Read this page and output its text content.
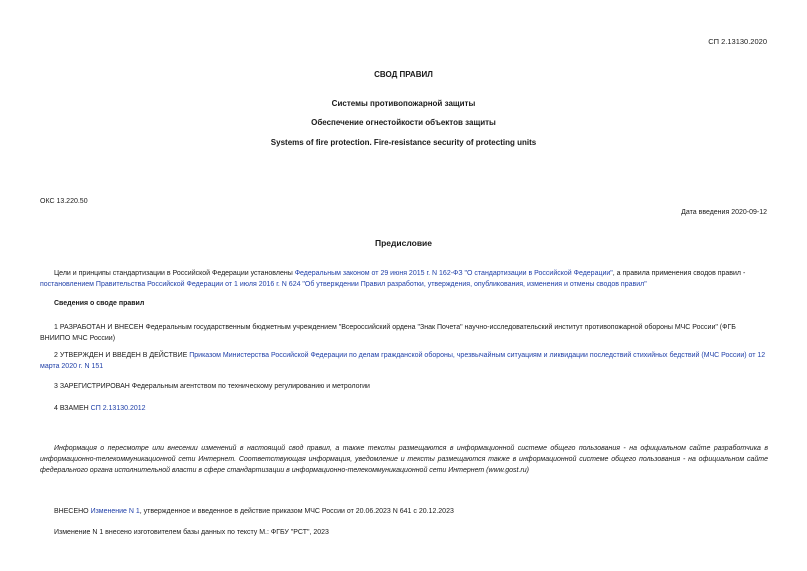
СП 2.13130.2020
СВОД ПРАВИЛ
Системы противопожарной защиты
Обеспечение огнестойкости объектов защиты
Systems of fire protection. Fire-resistance security of protecting units
ОКС 13.220.50
Дата введения 2020-09-12
Предисловие
Цели и принципы стандартизации в Российской Федерации установлены Федеральным законом от 29 июня 2015 г. N 162-ФЗ "О стандартизации в Российской Федерации", а правила применения сводов правил - постановлением Правительства Российской Федерации от 1 июля 2016 г. N 624 "Об утверждении Правил разработки, утверждения, опубликования, изменения и отмены сводов правил"
Сведения о своде правил
1 РАЗРАБОТАН И ВНЕСЕН Федеральным государственным бюджетным учреждением "Всероссийский ордена "Знак Почета" научно-исследовательский институт противопожарной обороны МЧС России" (ФГБ ВНИИПО МЧС России)
2 УТВЕРЖДЕН И ВВЕДЕН В ДЕЙСТВИЕ Приказом Министерства Российской Федерации по делам гражданской обороны, чрезвычайным ситуациям и ликвидации последствий стихийных бедствий (МЧС России) от 12 марта 2020 г. N 151
3 ЗАРЕГИСТРИРОВАН Федеральным агентством по техническому регулированию и метрологии
4 ВЗАМЕН СП 2.13130.2012
Информация о пересмотре или внесении изменений в настоящий свод правил, а также тексты размещаются в информационной системе общего пользования - на официальном сайте разработчика в информационно-телекоммуникационной сети Интернет. Соответствующая информация, уведомление и тексты размещаются также в информационной системе общего пользования - на официальном сайте федерального органа исполнительной власти в сфере стандартизации в информационно-телекоммуникационной сети Интернет (www.gost.ru)
ВНЕСЕНО Изменение N 1, утвержденное и введенное в действие приказом МЧС России от 20.06.2023 N 641 с 20.12.2023
Изменение N 1 внесено изготовителем базы данных по тексту М.: ФГБУ "РСТ", 2023
